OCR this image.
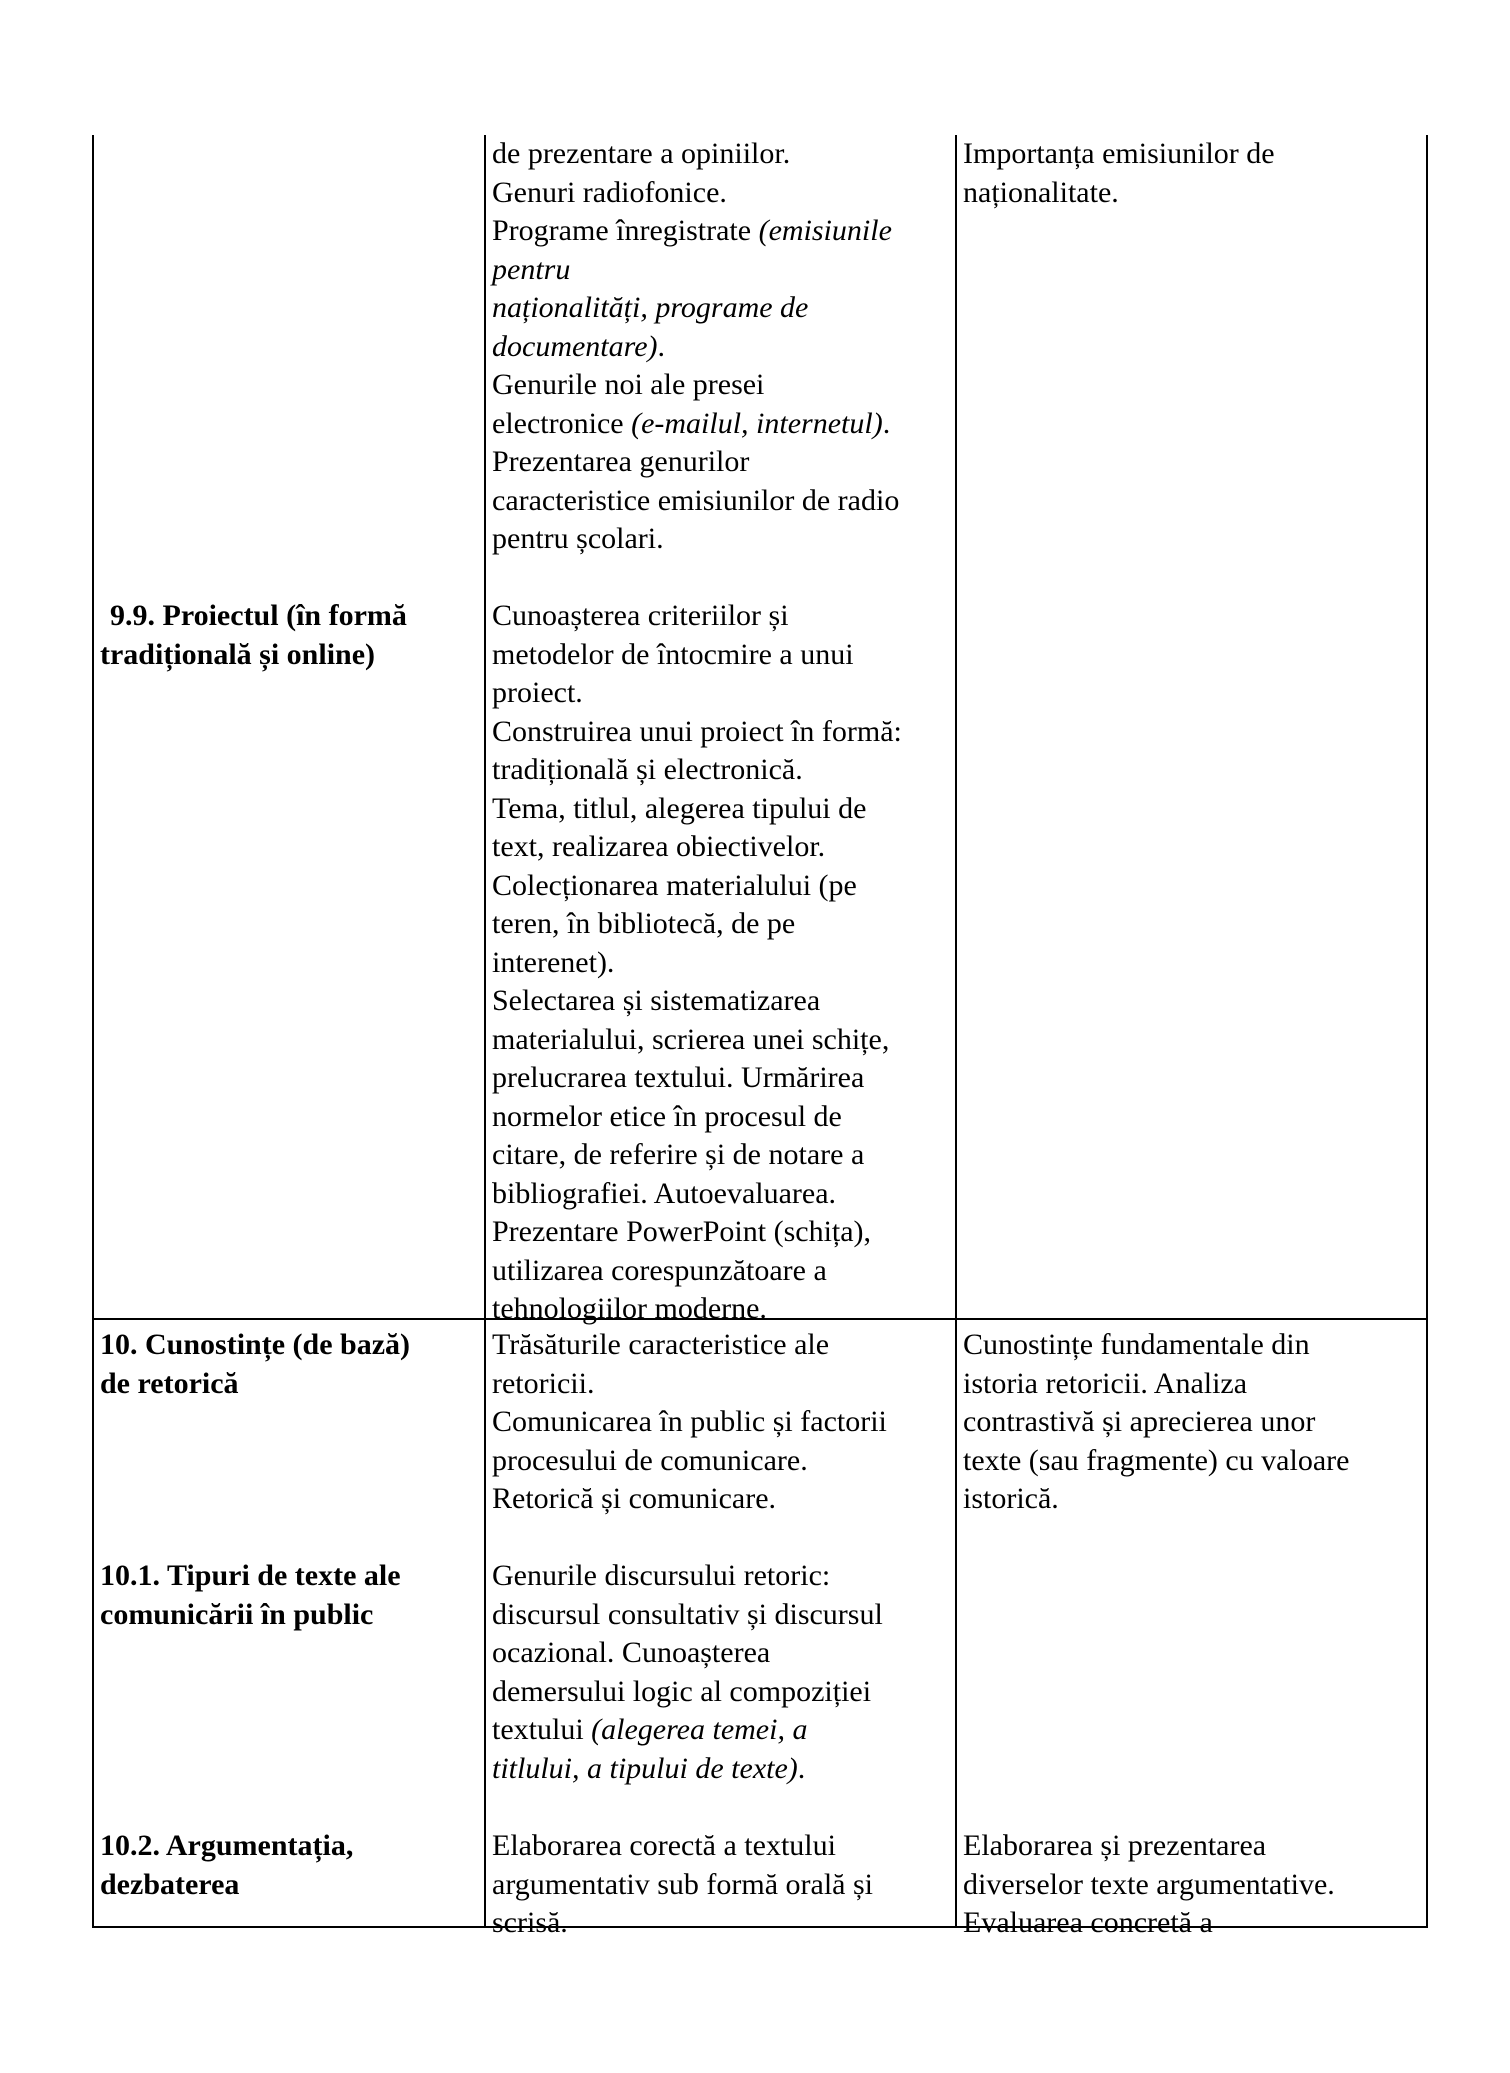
de prezentare a opiniilor.
Genuri radiofonice.
Programe înregistrate (emisiunile
pentru
naționalități, programe de
documentare).
Genurile noi ale presei
electronice (e-mailul, internetul).
Prezentarea genurilor
caracteristice emisiunilor de radio
pentru școlari.
9.9. Proiectul (în formă
tradițională și online)
Cunoașterea criteriilor și
metodelor de întocmire a unui
proiect.
Construirea unui proiect în formă:
tradițională și electronică.
Tema, titlul, alegerea tipului de
text, realizarea obiectivelor.
Colecționarea materialului (pe
teren, în bibliotecă, de pe
interenet).
Selectarea și sistematizarea
materialului, scrierea unei schițe,
prelucrarea textului. Urmărirea
normelor etice în procesul de
citare, de referire și de notare a
bibliografiei. Autoevaluarea.
Prezentare PowerPoint (schița),
utilizarea corespunzătoare a
tehnologiilor moderne.
Importanța emisiunilor de
naționalitate.
10. Cunostințe (de bază)
de retorică
10.1. Tipuri de texte ale
comunicării în public
10.2. Argumentația,
dezbaterea
Trăsăturile caracteristice ale
retoricii.
Comunicarea în public și factorii
procesului de comunicare.
Retorică și comunicare.
Genurile discursului retoric:
discursul consultativ și discursul
ocazional. Cunoașterea
demersului logic al compoziției
textului (alegerea temei, a
titlului, a tipului de texte).
Elaborarea corectă a textului
argumentativ sub formă orală și
scrisă.
Cunostințe fundamentale din
istoria retoricii. Analiza
contrastivă și aprecierea unor
texte (sau fragmente) cu valoare
istorică.
Elaborarea și prezentarea
diverselor texte argumentative.
Evaluarea concretă a
